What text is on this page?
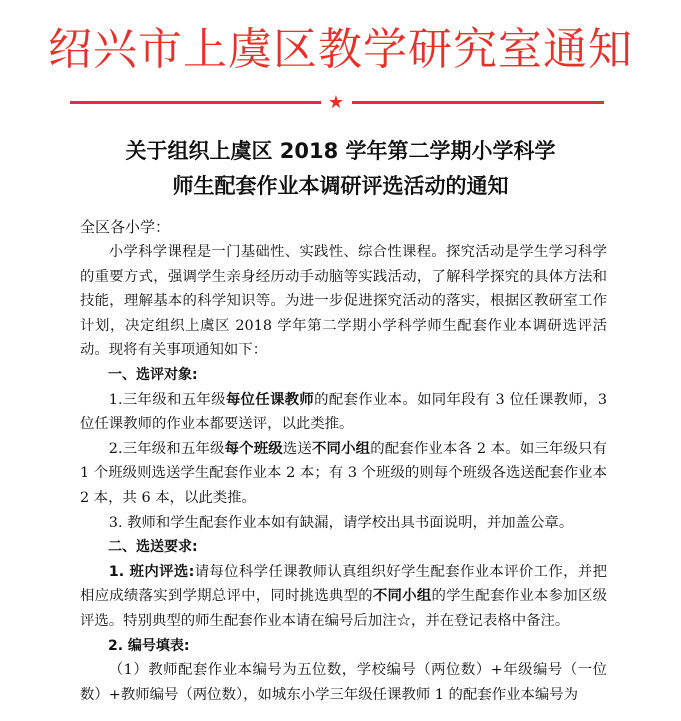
绍兴市上虞区教学研究室通知
★
关于组织上虞区 2018 学年第二学期小学科学
师生配套作业本调研评选活动的通知

全区各小学：

小学科学课程是一门基础性、实践性、综合性课程。探究活动是学生学习科学的重要方式，强调学生亲身经历动手动脑等实践活动，了解科学探究的具体方法和技能，理解基本的科学知识等。为进一步促进探究活动的落实，根据区教研室工作计划，决定组织上虞区 2018 学年第二学期小学科学师生配套作业本调研选评活动。现将有关事项通知如下：

一、选评对象:

1.三年级和五年级每位任课教师的配套作业本。如同年段有 3 位任课教师，3 位任课教师的作业本都要送评，以此类推。

2.三年级和五年级每个班级选送不同小组的配套作业本各 2 本。如三年级只有 1 个班级则选送学生配套作业本 2 本；有 3 个班级的则每个班级各选送配套作业本 2 本，共 6 本，以此类推。

3. 教师和学生配套作业本如有缺漏，请学校出具书面说明，并加盖公章。

二、选送要求:

1. 班内评选:请每位科学任课教师认真组织好学生配套作业本评价工作，并把相应成绩落实到学期总评中，同时挑选典型的不同小组的学生配套作业本参加区级评选。特别典型的师生配套作业本请在编号后加注☆，并在登记表格中备注。

2. 编号填表:

（1）教师配套作业本编号为五位数，学校编号（两位数）+年级编号（一位数）+教师编号（两位数），如城东小学三年级任课教师 1 的配套作业本编号为
